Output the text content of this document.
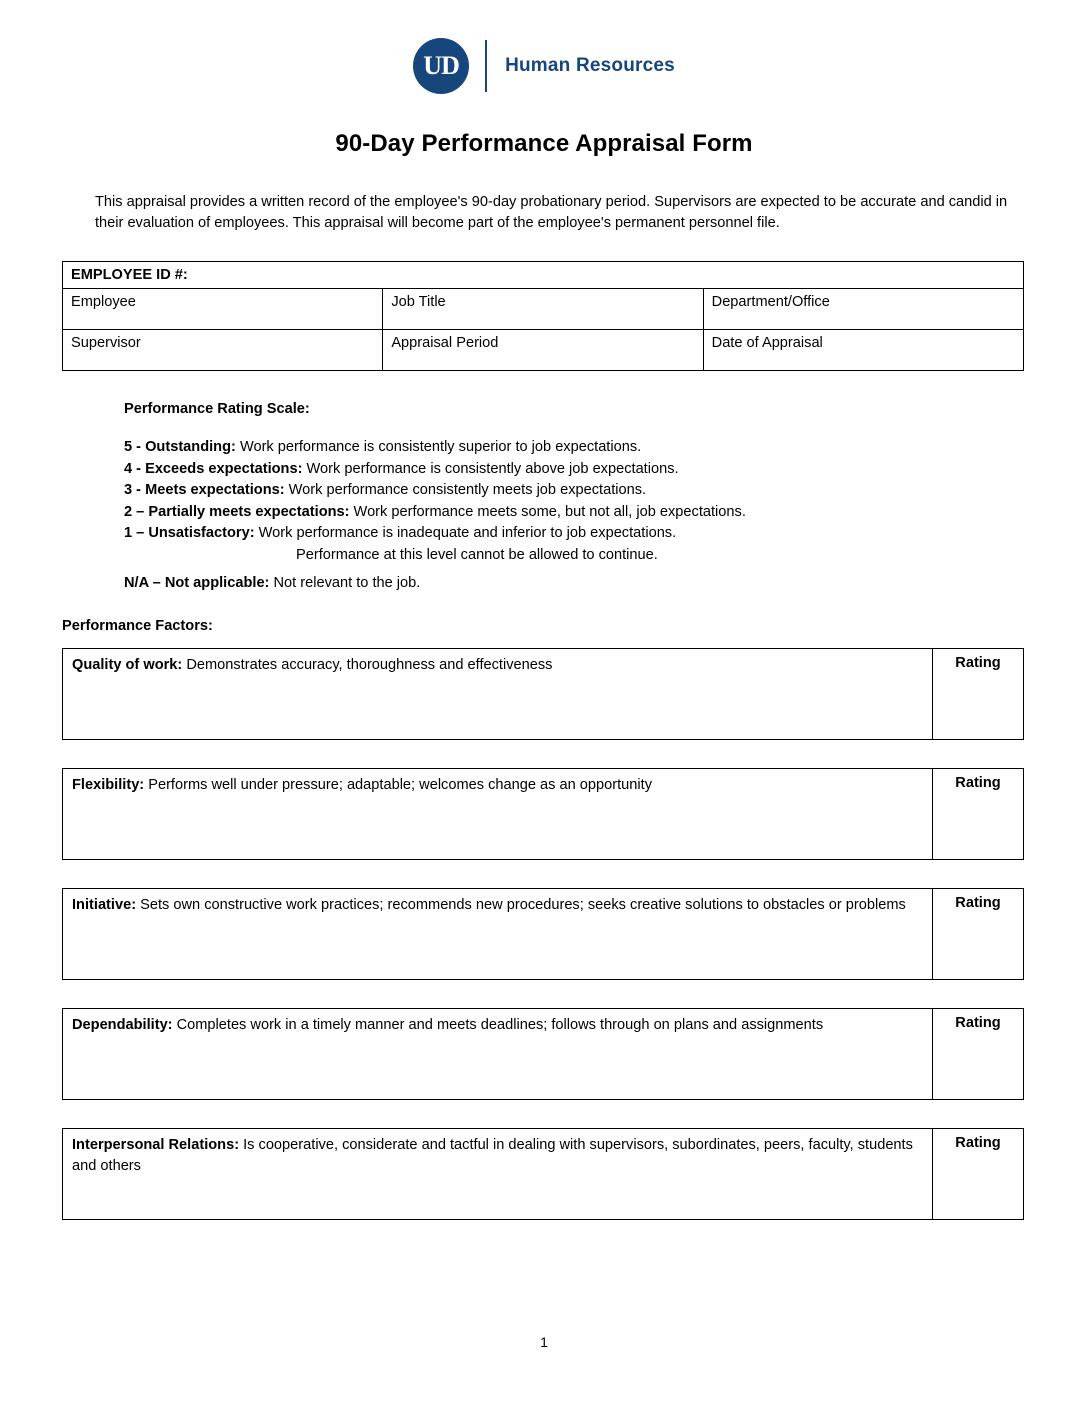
UD	Human Resources
90-Day Performance Appraisal Form
This appraisal provides a written record of the employee's 90-day probationary period. Supervisors are expected to be accurate and candid in their evaluation of employees. This appraisal will become part of the employee's permanent personnel file.
EMPLOYEE ID #:		
Employee	Job Title	Department/Office
Supervisor	Appraisal Period	Date of Appraisal
Performance Rating Scale:
5 - Outstanding: Work performance is consistently superior to job expectations.
4 - Exceeds expectations: Work performance is consistently above job expectations.
3 - Meets expectations: Work performance consistently meets job expectations.
2 – Partially meets expectations: Work performance meets some, but not all, job expectations.
1 – Unsatisfactory: Work performance is inadequate and inferior to job expectations.
Performance at this level cannot be allowed to continue.
N/A – Not applicable: Not relevant to the job.
Performance Factors:
Quality of work: Demonstrates accuracy, thoroughness and effectiveness	Rating
Flexibility: Performs well under pressure; adaptable; welcomes change as an opportunity	Rating
Initiative: Sets own constructive work practices; recommends new procedures; seeks creative solutions to obstacles or problems	Rating
Dependability: Completes work in a timely manner and meets deadlines; follows through on plans and assignments	Rating
Interpersonal Relations: Is cooperative, considerate and tactful in dealing with supervisors, subordinates, peers, faculty, students and others	Rating
1
